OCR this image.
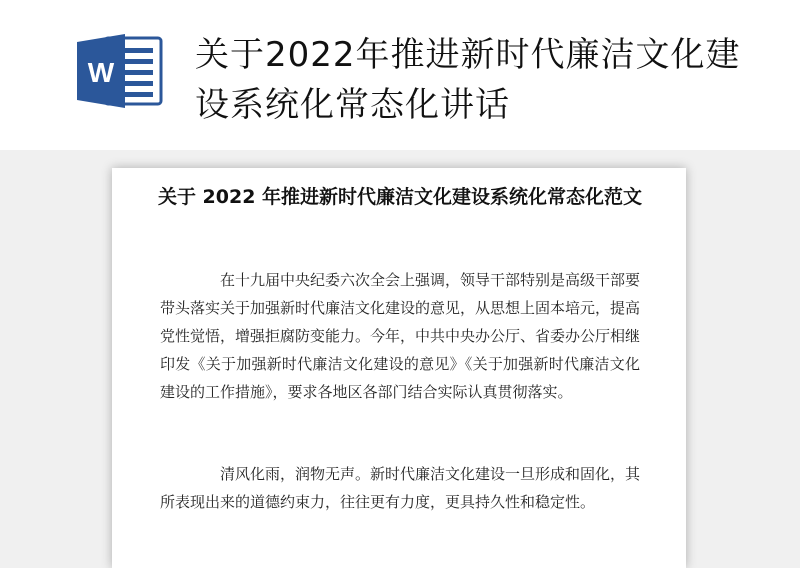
W 关于2022年推进新时代廉洁文化建设系统化常态化讲话
关于 2022 年推进新时代廉洁文化建设系统化常态化范文
在十九届中央纪委六次全会上强调，领导干部特别是高级干部要带头落实关于加强新时代廉洁文化建设的意见，从思想上固本培元，提高党性觉悟，增强拒腐防变能力。今年，中共中央办公厅、省委办公厅相继印发《关于加强新时代廉洁文化建设的意见》《关于加强新时代廉洁文化建设的工作措施》，要求各地区各部门结合实际认真贯彻落实。
清风化雨，润物无声。新时代廉洁文化建设一旦形成和固化，其所表现出来的道德约束力，往往更有力度，更具持久性和稳定性。
